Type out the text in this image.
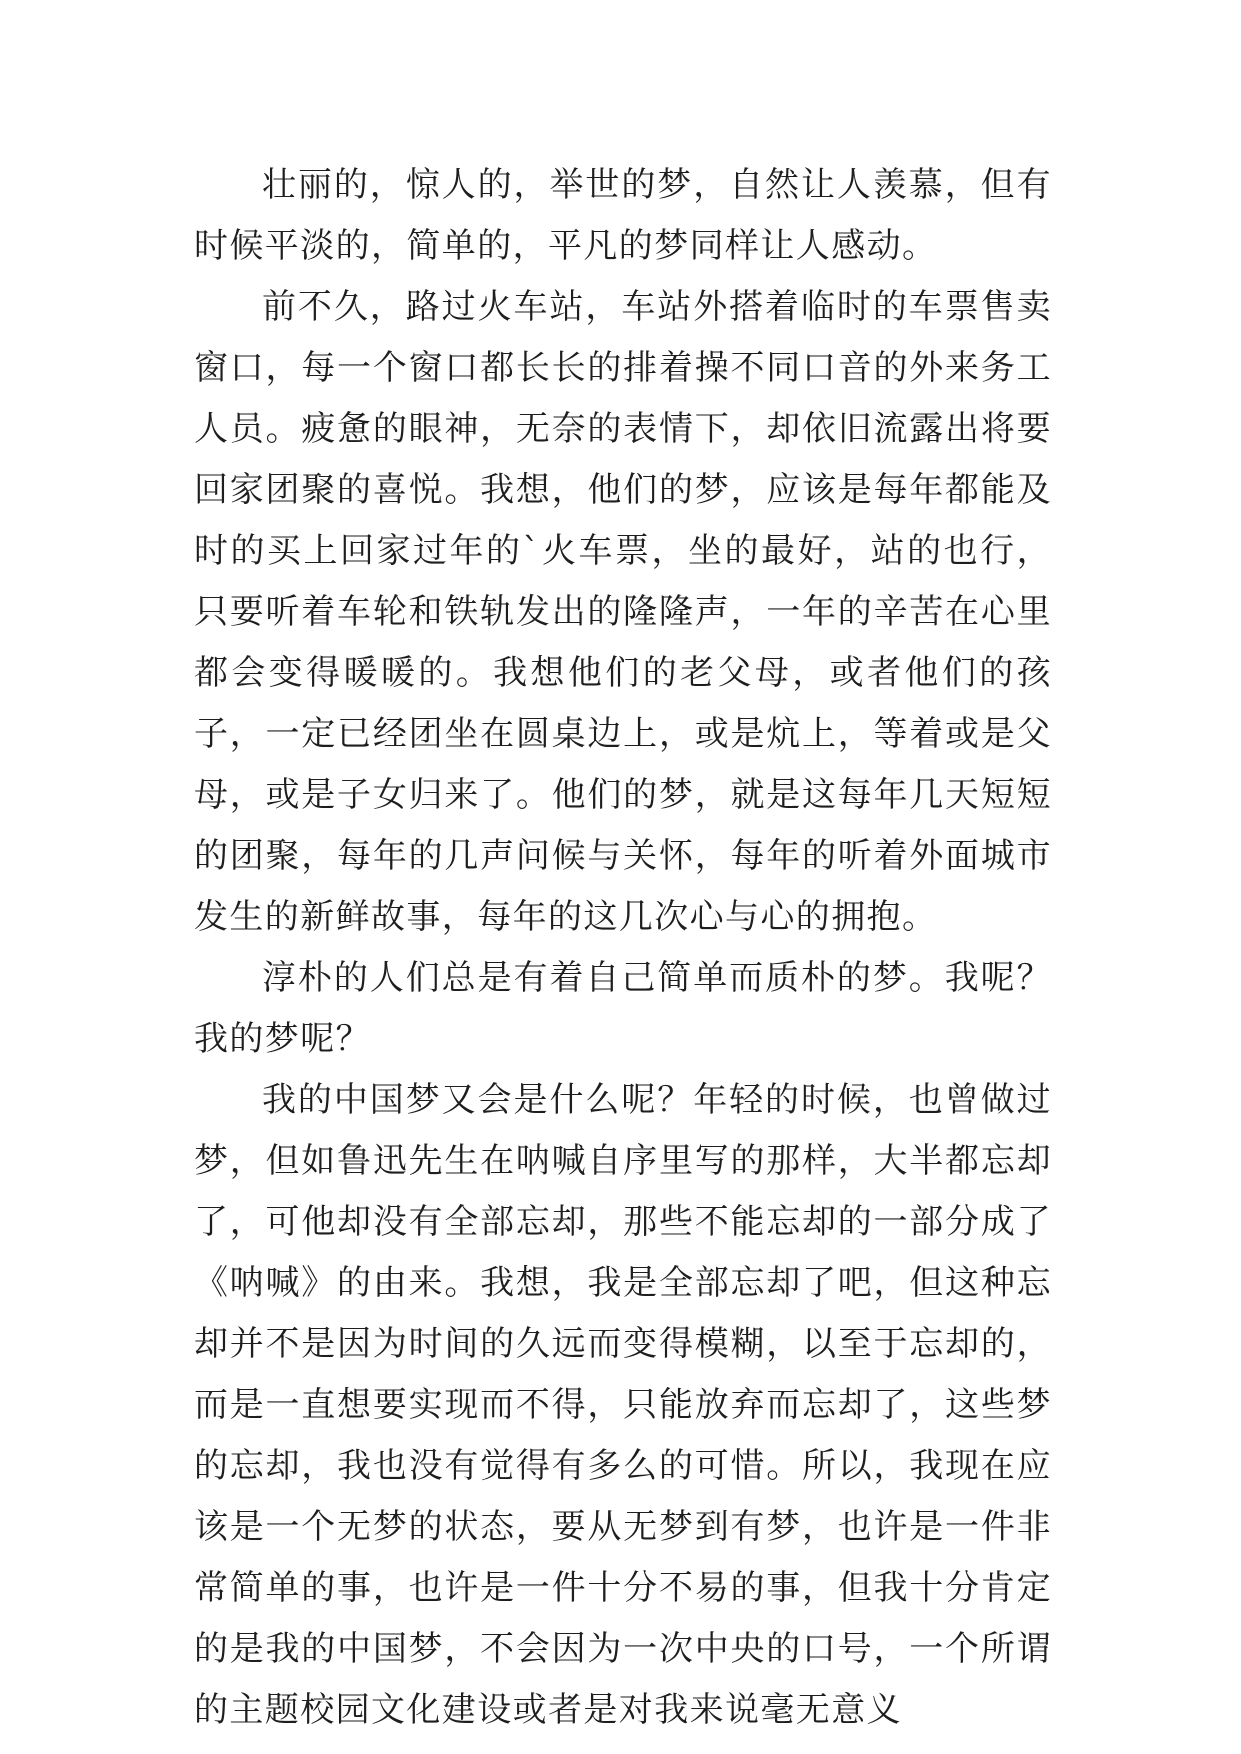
壮丽的，惊人的，举世的梦，自然让人羡慕，但有时候平淡的，简单的，平凡的梦同样让人感动。

前不久，路过火车站，车站外搭着临时的车票售卖窗口，每一个窗口都长长的排着操不同口音的外来务工人员。疲惫的眼神，无奈的表情下，却依旧流露出将要回家团聚的喜悦。我想，他们的梦，应该是每年都能及时的买上回家过年的`火车票，坐的最好，站的也行，只要听着车轮和铁轨发出的隆隆声，一年的辛苦在心里都会变得暖暖的。我想他们的老父母，或者他们的孩子，一定已经团坐在圆桌边上，或是炕上，等着或是父母，或是子女归来了。他们的梦，就是这每年几天短短的团聚，每年的几声问候与关怀，每年的听着外面城市发生的新鲜故事，每年的这几次心与心的拥抱。

淳朴的人们总是有着自己简单而质朴的梦。我呢？我的梦呢？

我的中国梦又会是什么呢？年轻的时候，也曾做过梦，但如鲁迅先生在呐喊自序里写的那样，大半都忘却了，可他却没有全部忘却，那些不能忘却的一部分成了《呐喊》的由来。我想，我是全部忘却了吧，但这种忘却并不是因为时间的久远而变得模糊，以至于忘却的，而是一直想要实现而不得，只能放弃而忘却了，这些梦的忘却，我也没有觉得有多么的可惜。所以，我现在应该是一个无梦的状态，要从无梦到有梦，也许是一件非常简单的事，也许是一件十分不易的事，但我十分肯定的是我的中国梦，不会因为一次中央的口号，一个所谓的主题校园文化建设或者是对我来说毫无意义
